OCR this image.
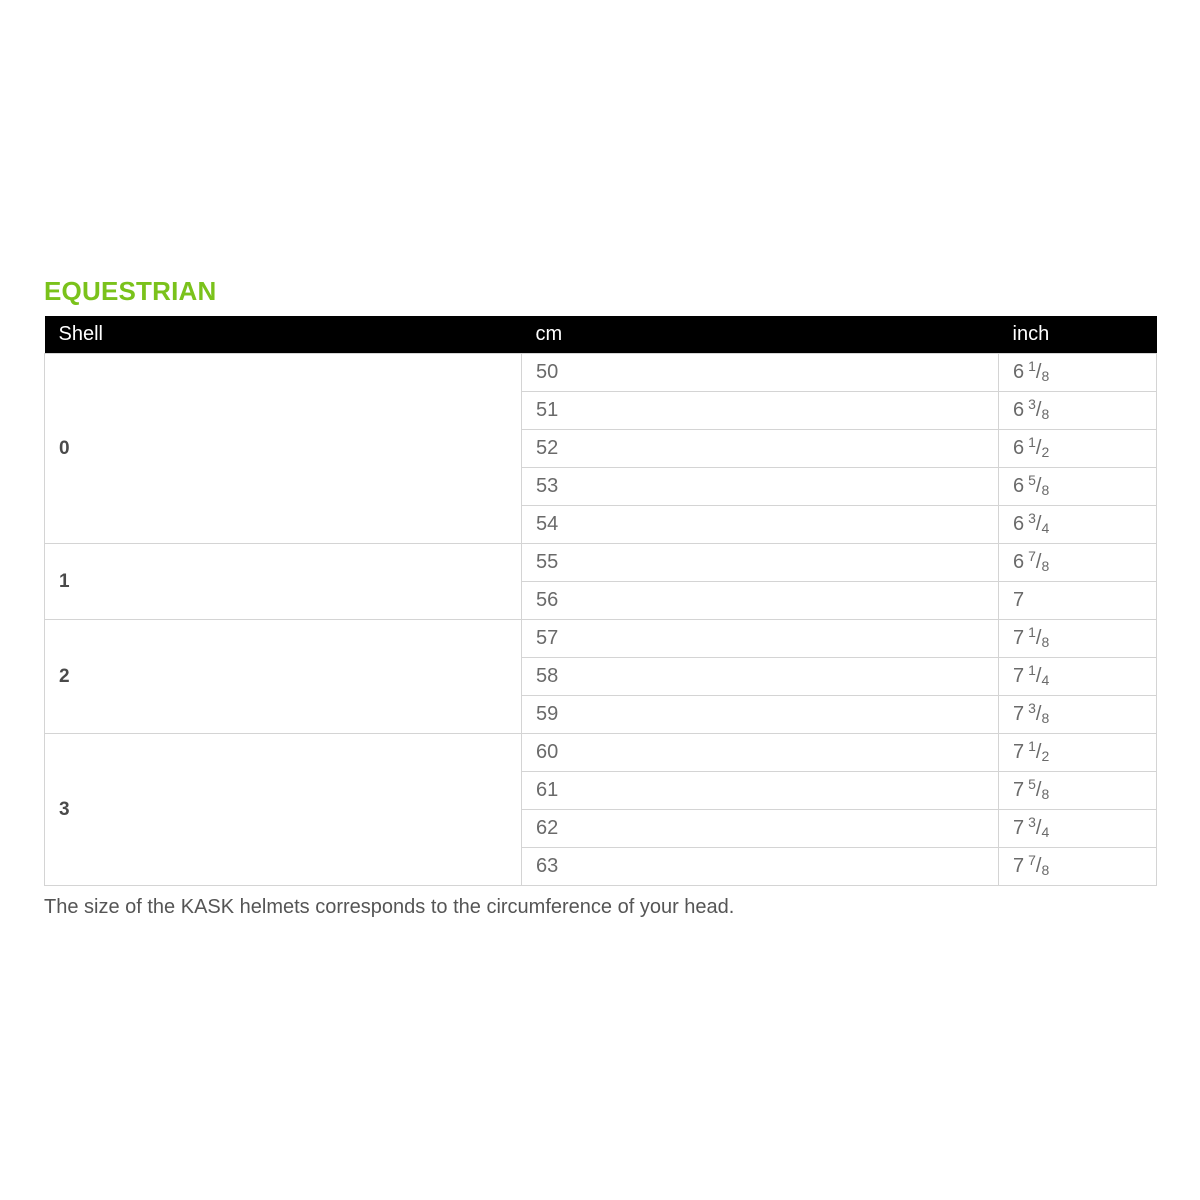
EQUESTRIAN
Shell	cm	inch
0	50	6 $^1$/8
	51	6 $^3$/8
	52	6 $^1$/2
	53	6 $^5$/8
	54	6 $^3$/4
1	55	6 $^7$/8
	56	7
2	57	7 $^1$/8
	58	7 $^1$/4
	59	7 $^3$/8
3	60	7 $^1$/2
	61	7 $^5$/8
	62	7 $^3$/4
	63	7 $^7$/8
The size of the KASK helmets corresponds to the circumference of your head.
